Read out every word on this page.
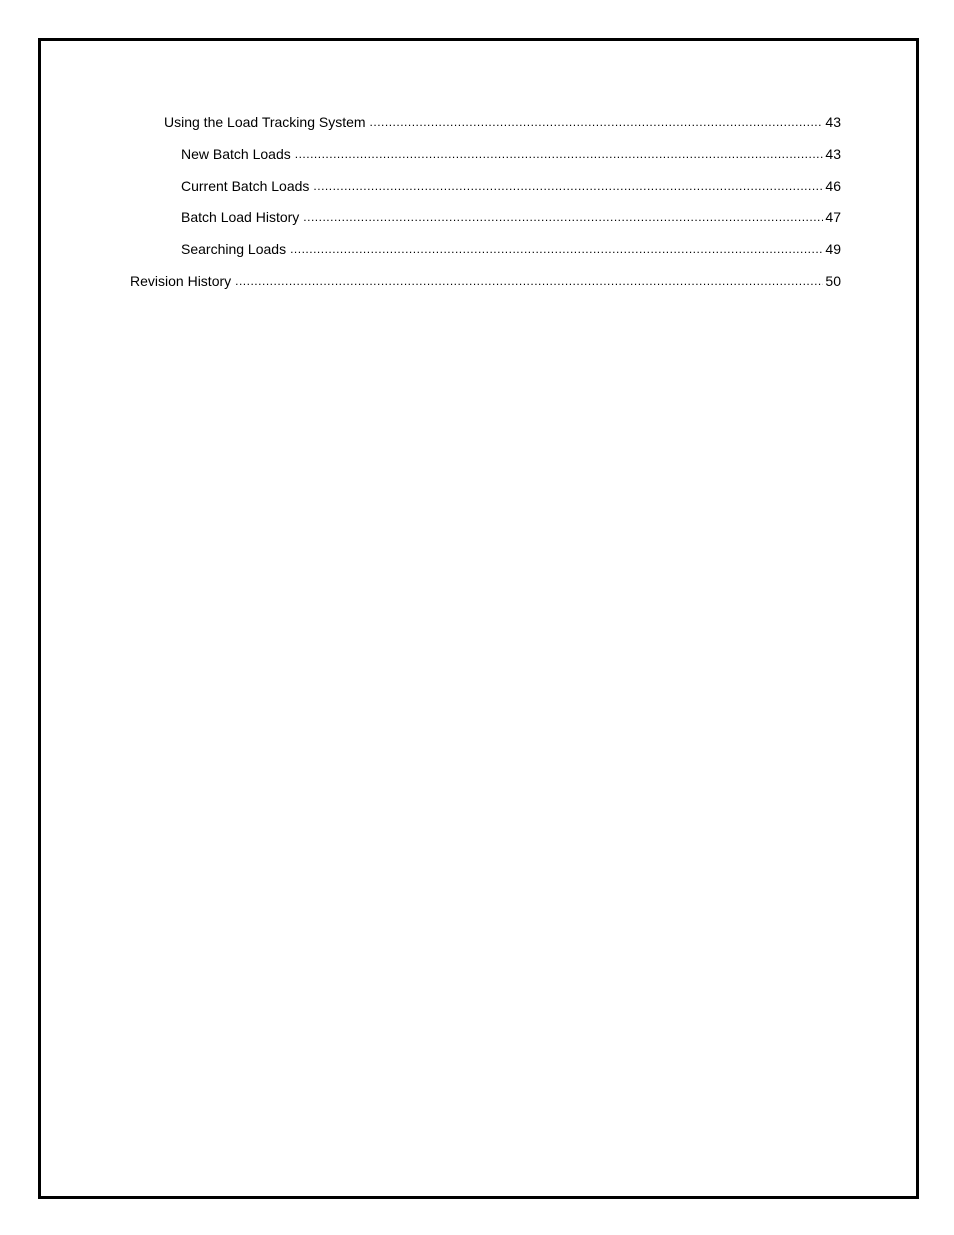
Using the Load Tracking System .....	43
New Batch Loads .....	43
Current Batch Loads .....	46
Batch Load History .....	47
Searching Loads .....	49
Revision History .....	50
